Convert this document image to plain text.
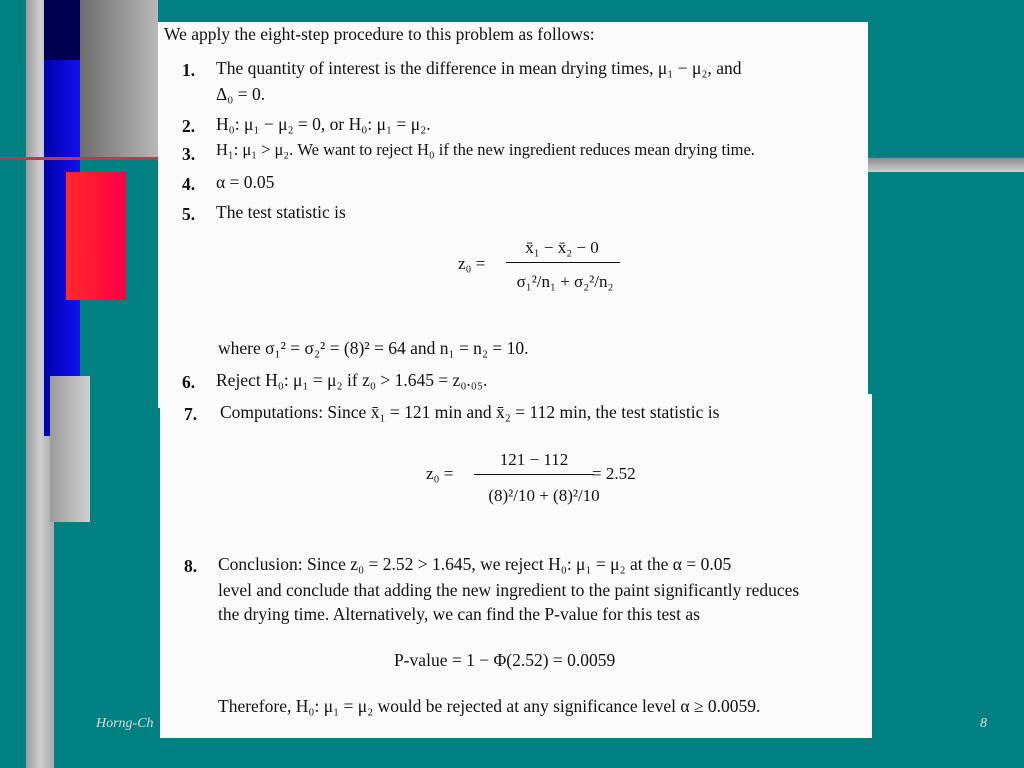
Horng-Ch	8
We apply the eight-step procedure to this problem as follows:
1. The quantity of interest is the difference in mean drying times, μ₁ − μ₂, and
Δ₀ = 0.
2. H₀: μ₁ − μ₂ = 0, or H₀: μ₁ = μ₂.
3. H₁: μ₁ > μ₂. We want to reject H₀ if the new ingredient reduces mean drying time.
4. α = 0.05
5. The test statistic is
z₀ =
x̄₁ − x̄₂ − 0
σ₁²/n₁ + σ₂²/n₂
where σ₁² = σ₂² = (8)² = 64 and n₁ = n₂ = 10.
6. Reject H₀: μ₁ = μ₂ if z₀ > 1.645 = z₀.₀₅.
7. Computations: Since x̄₁ = 121 min and x̄₂ = 112 min, the test statistic is
z₀ =
121 − 112
(8)²/10 + (8)²/10
= 2.52
8. Conclusion: Since z₀ = 2.52 > 1.645, we reject H₀: μ₁ = μ₂ at the α = 0.05
level and conclude that adding the new ingredient to the paint significantly reduces
the drying time. Alternatively, we can find the P-value for this test as
P-value = 1 − Φ(2.52) = 0.0059
Therefore, H₀: μ₁ = μ₂ would be rejected at any significance level α ≥ 0.0059.
